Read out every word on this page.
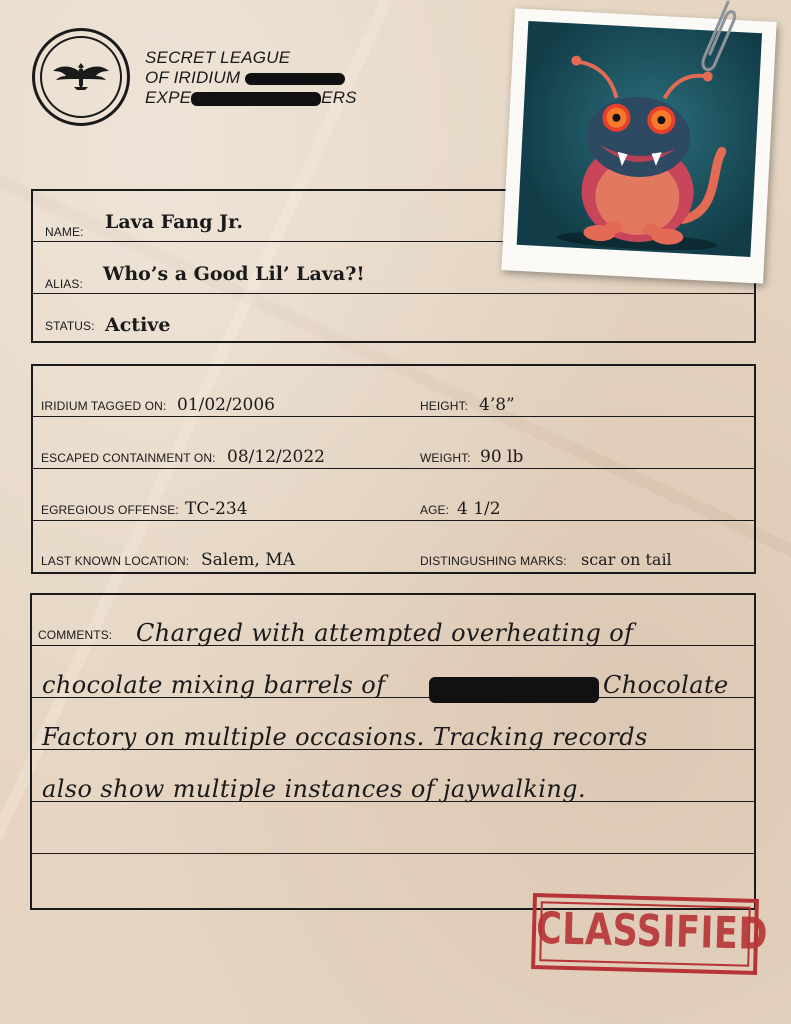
SECRET LEAGUE
OF IRIDIUM
EXPE	ERS
NAME: Lava Fang Jr.
ALIAS: Who’s a Good Lil’ Lava?!
STATUS: Active
IRIDIUM TAGGED ON: 01/02/2006	HEIGHT: 4’8”
ESCAPED CONTAINMENT ON: 08/12/2022	WEIGHT: 90 lb
EGREGIOUS OFFENSE: TC-234	AGE: 4 1/2
LAST KNOWN LOCATION: Salem, MA	DISTINGUSHING MARKS: scar on tail
COMMENTS: Charged with attempted overheating of
chocolate mixing barrels of	Chocolate
Factory on multiple occasions. Tracking records
also show multiple instances of jaywalking.
CLASSIFIED
